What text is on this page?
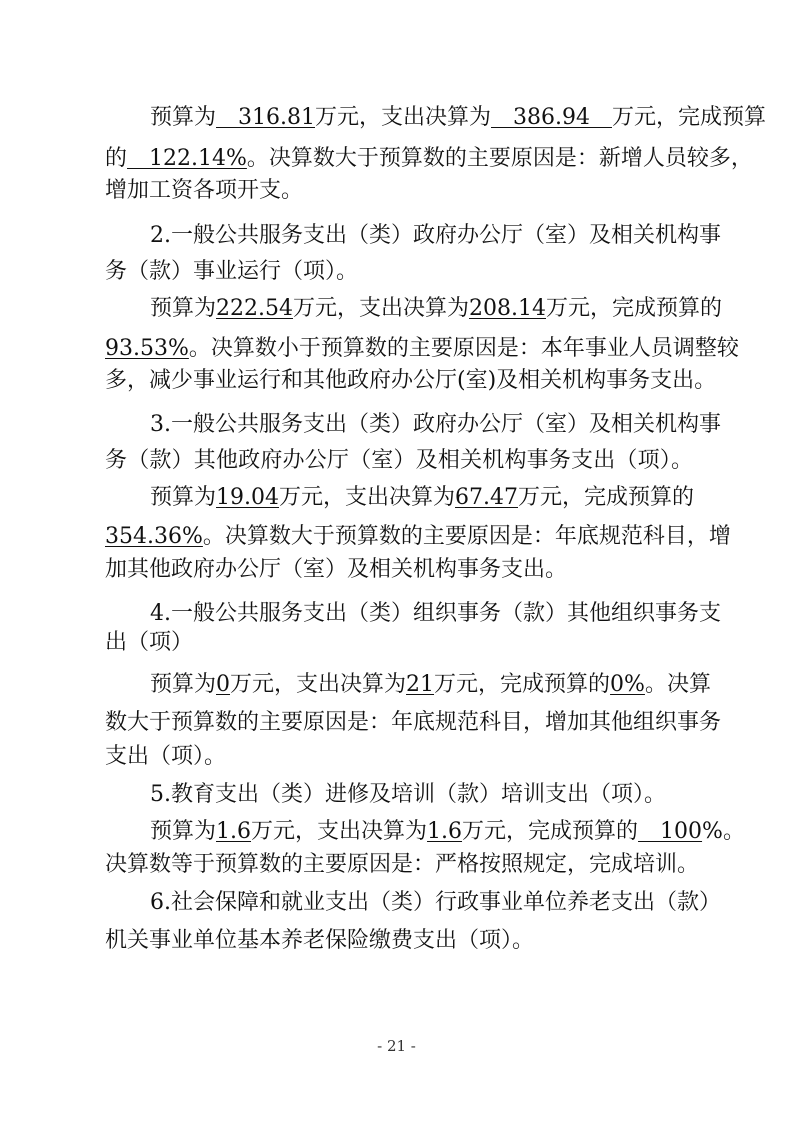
预算为　316.81万元，支出决算为　386.94　万元，完成预算
的　122.14%。决算数大于预算数的主要原因是：新增人员较多，
增加工资各项开支。
2.一般公共服务支出（类）政府办公厅（室）及相关机构事
务（款）事业运行（项）。
预算为222.54万元，支出决算为208.14万元，完成预算的
93.53%。决算数小于预算数的主要原因是：本年事业人员调整较
多，减少事业运行和其他政府办公厅(室)及相关机构事务支出。
3.一般公共服务支出（类）政府办公厅（室）及相关机构事
务（款）其他政府办公厅（室）及相关机构事务支出（项）。
预算为19.04万元，支出决算为67.47万元，完成预算的
354.36%。决算数大于预算数的主要原因是：年底规范科目，增
加其他政府办公厅（室）及相关机构事务支出。
4.一般公共服务支出（类）组织事务（款）其他组织事务支
出（项）
预算为0万元，支出决算为21万元，完成预算的0%。决算
数大于预算数的主要原因是：年底规范科目，增加其他组织事务
支出（项）。
5.教育支出（类）进修及培训（款）培训支出（项）。
预算为1.6万元，支出决算为1.6万元，完成预算的　100%。
决算数等于预算数的主要原因是：严格按照规定，完成培训。
6.社会保障和就业支出（类）行政事业单位养老支出（款）
机关事业单位基本养老保险缴费支出（项）。
- 21 -
